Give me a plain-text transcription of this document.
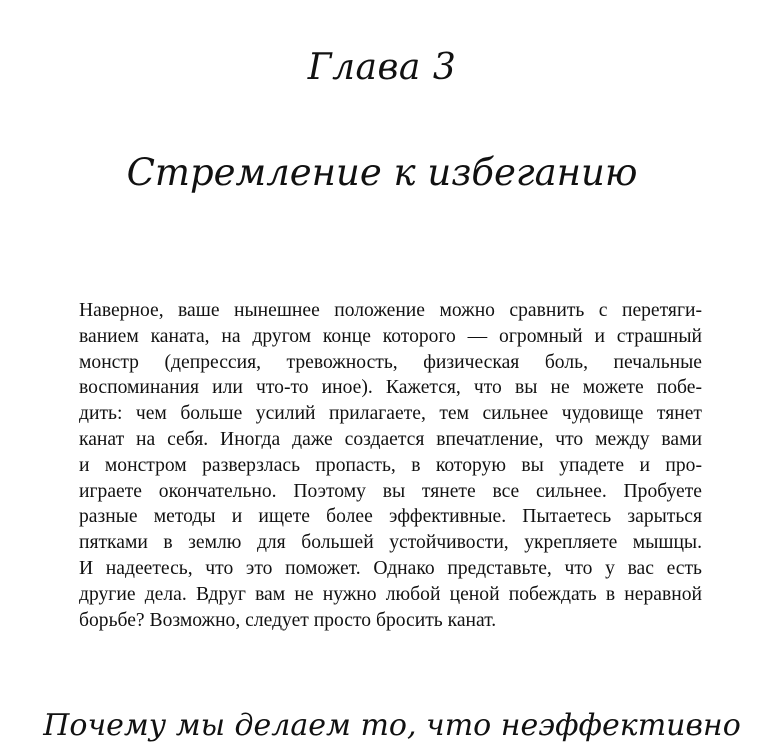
Глава 3
Стремление к избеганию

Наверное, ваше нынешнее положение можно сравнить с перетяги-
ванием каната, на другом конце которого — огромный и страшный
монстр (депрессия, тревожность, физическая боль, печальные
воспоминания или что-то иное). Кажется, что вы не можете побе-
дить: чем больше усилий прилагаете, тем сильнее чудовище тянет
канат на себя. Иногда даже создается впечатление, что между вами
и монстром разверзлась пропасть, в которую вы упадете и про-
играете окончательно. Поэтому вы тянете все сильнее. Пробуете
разные методы и ищете более эффективные. Пытаетесь зарыться
пятками в землю для большей устойчивости, укрепляете мышцы.
И надеетесь, что это поможет. Однако представьте, что у вас есть
другие дела. Вдруг вам не нужно любой ценой побеждать в неравной
борьбе? Возможно, следует просто бросить канат.

Почему мы делаем то, что неэффективно
